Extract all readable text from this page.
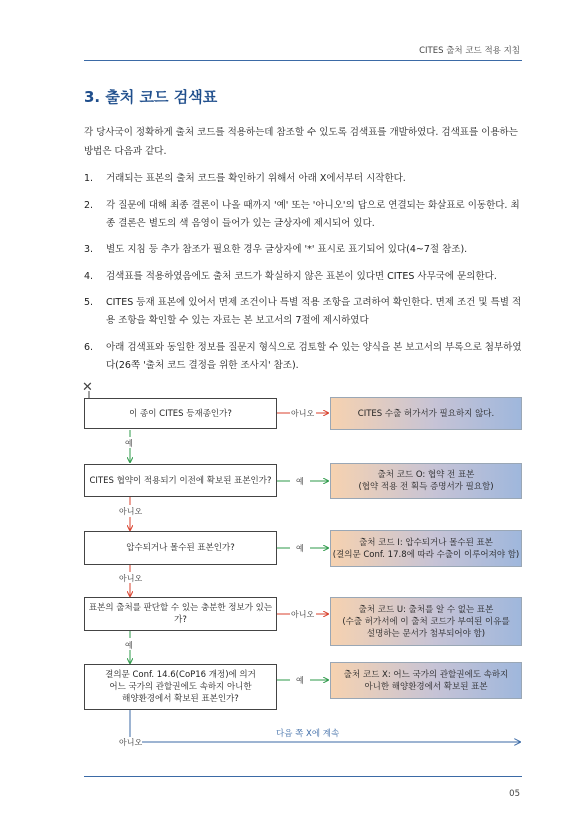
CITES 출처 코드 적용 지침
3. 출처 코드 검색표
각 당사국이 정확하게 출처 코드를 적용하는데 참조할 수 있도록 검색표를 개발하였다. 검색표를 이용하는 방법은 다음과 같다.
1. 거래되는 표본의 출처 코드를 확인하기 위해서 아래 X에서부터 시작한다.
2. 각 질문에 대해 최종 결론이 나올 때까지 '예' 또는 '아니오'의 답으로 연결되는 화살표로 이동한다. 최종 결론은 별도의 색 음영이 들어가 있는 글상자에 제시되어 있다.
3. 별도 지침 등 추가 참조가 필요한 경우 글상자에 '*' 표시로 표기되어 있다(4~7절 참조).
4. 검색표를 적용하였음에도 출처 코드가 확실하지 않은 표본이 있다면 CITES 사무국에 문의한다.
5. CITES 등재 표본에 있어서 면제 조건이나 특별 적용 조항을 고려하여 확인한다. 면제 조건 및 특별 적용 조항을 확인할 수 있는 자료는 본 보고서의 7절에 제시하였다
6. 아래 검색표와 동일한 정보를 질문지 형식으로 검토할 수 있는 양식을 본 보고서의 부록으로 첨부하였다(26쪽 '출처 코드 결정을 위한 조사지' 참조).
✕
이 종이 CITES 등재종인가?
CITES 협약이 적용되기 이전에 확보된 표본인가?
압수되거나 몰수된 표본인가?
표본의 출처를 판단할 수 있는 충분한 정보가 있는가?
결의문 Conf. 14.6(CoP16 개정)에 의거
어느 국가의 관할권에도 속하지 아니한
해양환경에서 확보된 표본인가?
CITES 수출 허가서가 필요하지 않다.
출처 코드 O: 협약 전 표본
(협약 적용 전 획득 증명서가 필요함)
출처 코드 I: 압수되거나 몰수된 표본
(결의문 Conf. 17.8에 따라 수출이 이루어져야 함)
출처 코드 U: 출처를 알 수 없는 표본
(수출 허가서에 이 출처 코드가 부여된 이유를
설명하는 문서가 첨부되어야 함)
출처 코드 X: 어느 국가의 관할권에도 속하지
아니한 해양환경에서 확보된 표본
아니오
예
예
아니오
예
예
아니오
아니오
예
아니오
다음 쪽 X에 계속
05
